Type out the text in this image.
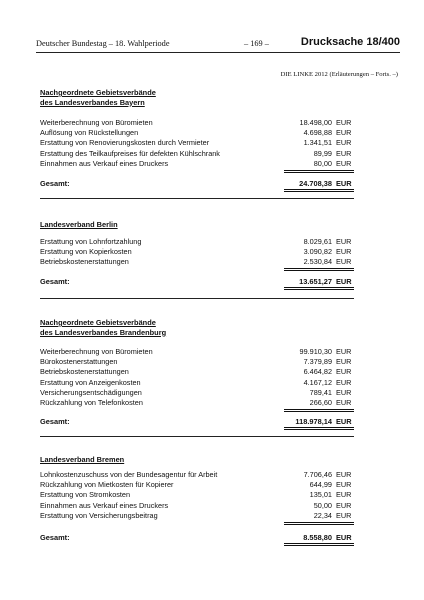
Deutscher Bundestag – 18. Wahlperiode	– 169 –	Drucksache 18/400
DIE LINKE 2012 (Erläuterungen – Forts. –)
Nachgeordnete Gebietsverbände
des Landesverbandes Bayern
Weiterberechnung von Büromieten	18.498,00 EUR
Auflösung von Rückstellungen	4.698,88 EUR
Erstattung von Renovierungskosten durch Vermieter	1.341,51 EUR
Erstattung des Teilkaufpreises für defekten Kühlschrank	89,99 EUR
Einnahmen aus Verkauf eines Druckers	80,00 EUR
Gesamt:	24.708,38 EUR
Landesverband Berlin
Erstattung von Lohnfortzahlung	8.029,61 EUR
Erstattung von Kopierkosten	3.090,82 EUR
Betriebskostenerstattungen	2.530,84 EUR
Gesamt:	13.651,27 EUR
Nachgeordnete Gebietsverbände
des Landesverbandes Brandenburg
Weiterberechnung von Büromieten	99.910,30 EUR
Bürokostenerstattungen	7.379,89 EUR
Betriebskostenerstattungen	6.464,82 EUR
Erstattung von Anzeigenkosten	4.167,12 EUR
Versicherungsentschädigungen	789,41 EUR
Rückzahlung von Telefonkosten	266,60 EUR
Gesamt:	118.978,14 EUR
Landesverband Bremen
Lohnkostenzuschuss von der Bundesagentur für Arbeit	7.706,46 EUR
Rückzahlung von Mietkosten für Kopierer	644,99 EUR
Erstattung von Stromkosten	135,01 EUR
Einnahmen aus Verkauf eines Druckers	50,00 EUR
Erstattung von Versicherungsbeitrag	22,34 EUR
Gesamt:	8.558,80 EUR
